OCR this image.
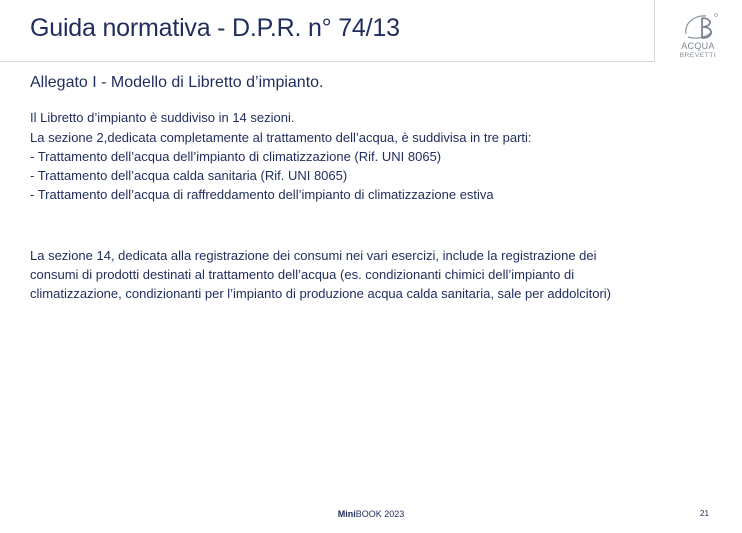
Guida normativa - D.P.R. n° 74/13
ACQUA
BREVETTI
Allegato I - Modello di Libretto d’impianto.

Il Libretto d’impianto è suddiviso in 14 sezioni.

La sezione 2,dedicata completamente al trattamento dell’acqua, è suddivisa in tre parti:
- Trattamento dell’acqua dell’impianto di climatizzazione (Rif. UNI 8065)
- Trattamento dell’acqua calda sanitaria (Rif. UNI 8065)
- Trattamento dell’acqua di raffreddamento dell’impianto di climatizzazione estiva
La sezione 14, dedicata alla registrazione dei consumi nei vari esercizi, include la registrazione dei
consumi di prodotti destinati al trattamento dell’acqua (es. condizionanti chimici dell’impianto di
climatizzazione, condizionanti per l’impianto di produzione acqua calda sanitaria, sale per addolcitori)
MiniBOOK 2023	21
